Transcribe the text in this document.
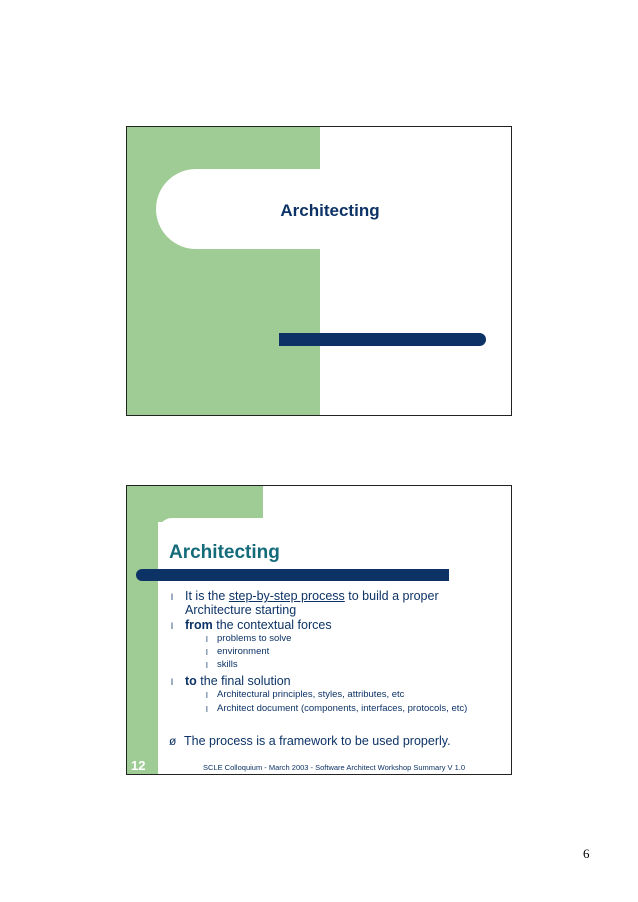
Architecting
Architecting
l It is the step-by-step process to build a proper
Architecture starting
l from the contextual forces
l problems to solve
l environment
l skills
l to the final solution
l Architectural principles, styles, attributes, etc
l Architect document (components, interfaces, protocols, etc)
ø The process is a framework to be used properly.
12	SCLE Colloquium - March 2003 - Software Architect Workshop Summary V 1.0
6
